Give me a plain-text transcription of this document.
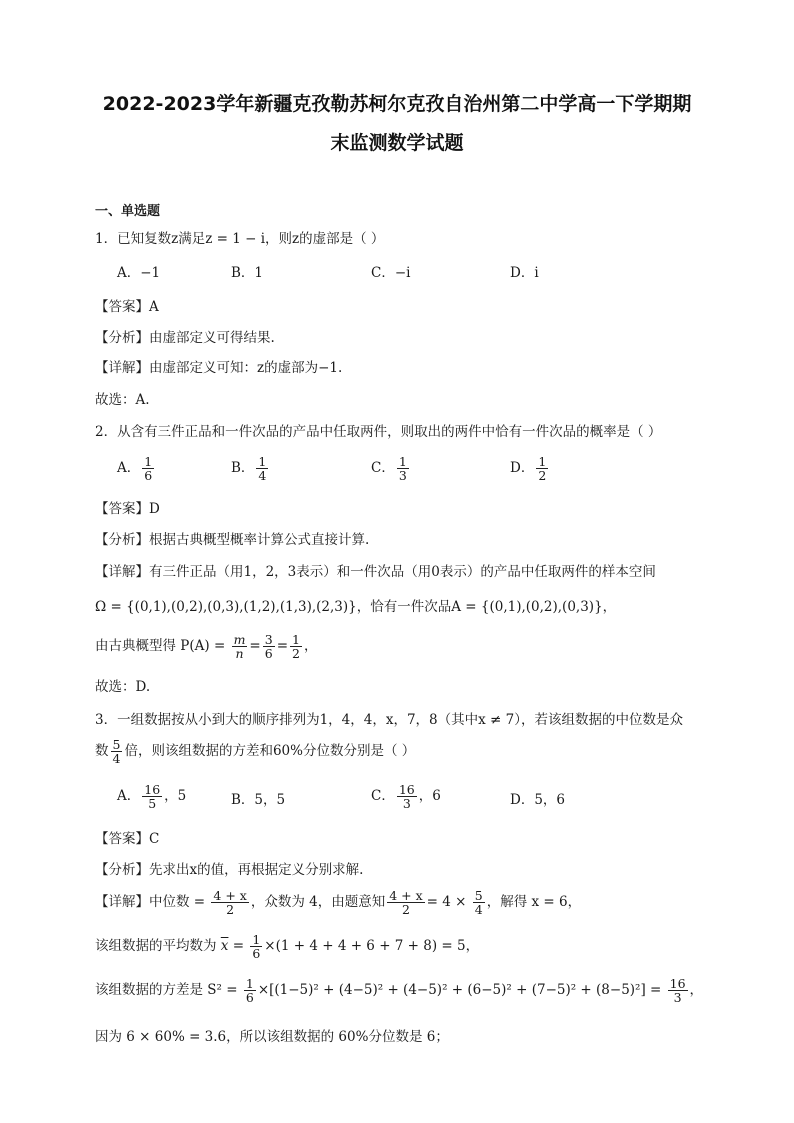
2022-2023学年新疆克孜勒苏柯尔克孜自治州第二中学高一下学期期
末监测数学试题
一、单选题
1．已知复数z满足z = 1 − i，则z的虚部是（ ）
A．−1	B．1	C．−i	D．i
【答案】A
【分析】由虚部定义可得结果.
【详解】由虚部定义可知：z的虚部为−1.
故选：A.
2．从含有三件正品和一件次品的产品中任取两件，则取出的两件中恰有一件次品的概率是（ ）
A． $\frac{1}{6}$	B． $\frac{1}{4}$	C． $\frac{1}{3}$	D． $\frac{1}{2}$
【答案】D
【分析】根据古典概型概率计算公式直接计算.
【详解】有三件正品（用1，2，3表示）和一件次品（用0表示）的产品中任取两件的样本空间
Ω = {(0,1),(0,2),(0,3),(1,2),(1,3),(2,3)}，恰有一件次品A = {(0,1),(0,2),(0,3)}，
由古典概型得 $P(A) = \frac{m}{n} = \frac{3}{6} = \frac{1}{2}$ ，
故选：D.
3．一组数据按从小到大的顺序排列为1，4，4，x，7，8（其中x ≠ 7），若该组数据的中位数是众
数 $\frac{5}{4}$ 倍，则该组数据的方差和60%分位数分别是（ ）
A． $\frac{16}{5}$ ，5	B．5，5	C． $\frac{16}{3}$ ，6	D．5，6
【答案】C
【分析】先求出x的值，再根据定义分别求解.
【详解】中位数 = $\frac{4 + x}{2}$ ，众数为 4，由题意知 $\frac{4 + x}{2} = 4 \times \frac{5}{4}$ ，解得 x = 6，
该组数据的平均数为 $\overline{x} = \frac{1}{6} \times(1 + 4 + 4 + 6 + 7 + 8) = 5$，
该组数据的方差是 $S^2 = \frac{1}{6} \times[(1-5)^2 + (4-5)^2 + (4-5)^2 + (6-5)^2 + (7-5)^2 + (8-5)^2] = \frac{16}{3}$ ，
因为 6 × 60% = 3.6，所以该组数据的 60%分位数是 6；
